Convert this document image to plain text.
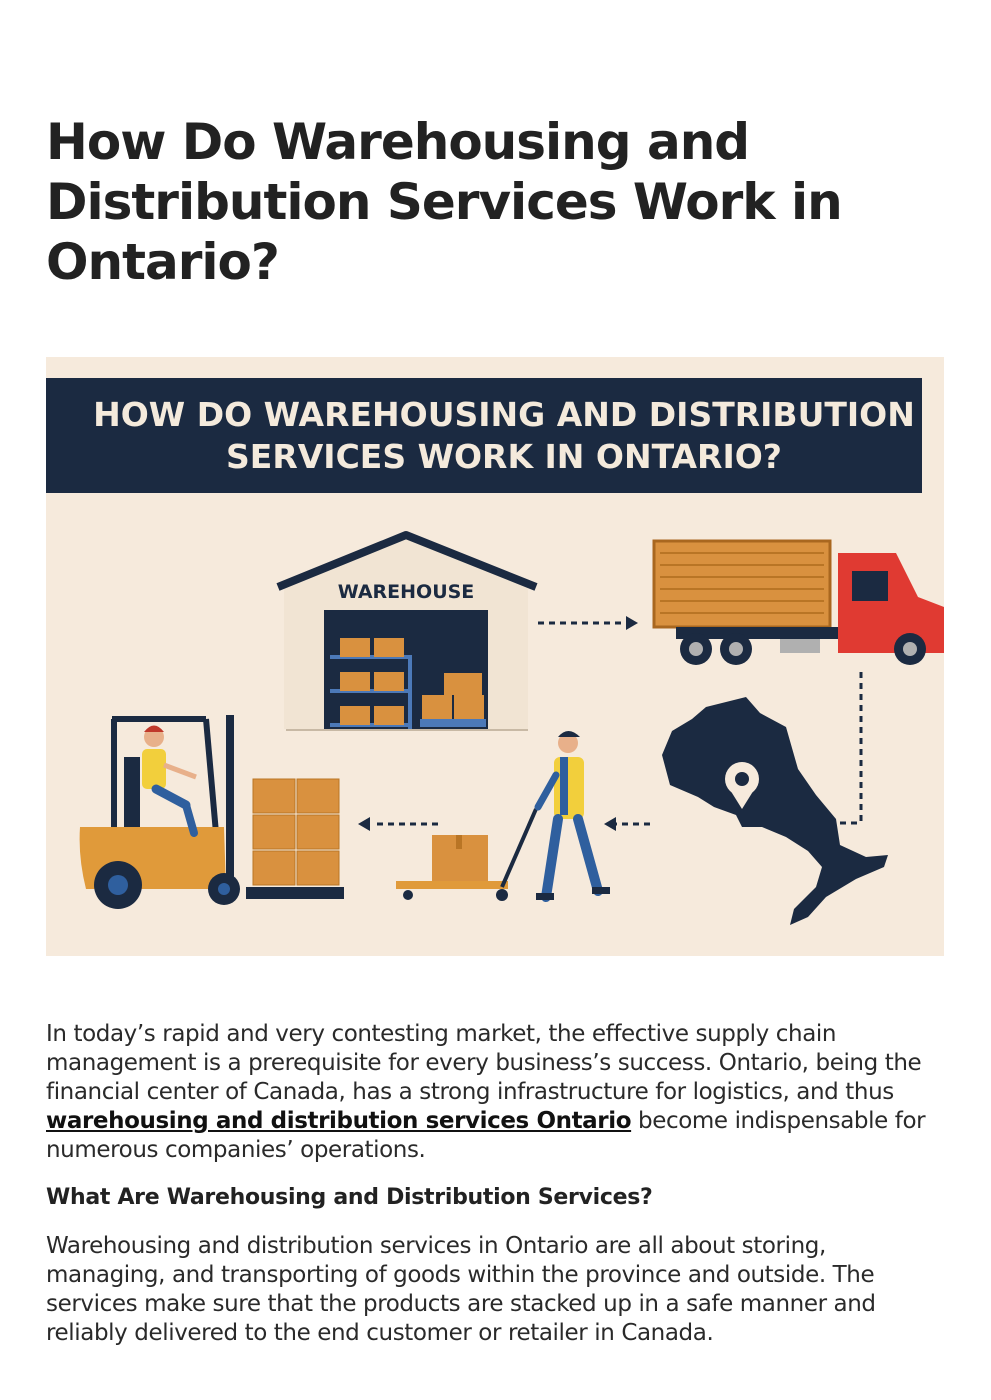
How Do Warehousing and Distribution Services Work in Ontario?
HOW DO WAREHOUSING AND DISTRIBUTION
SERVICES WORK IN ONTARIO?
WAREHOUSE

In today’s rapid and very contesting market, the effective supply chain management is a prerequisite for every business’s success. Ontario, being the financial center of Canada, has a strong infrastructure for logistics, and thus warehousing and distribution services Ontario become indispensable for numerous companies’ operations.

What Are Warehousing and Distribution Services?

Warehousing and distribution services in Ontario are all about storing, managing, and transporting of goods within the province and outside. The services make sure that the products are stacked up in a safe manner and reliably delivered to the end customer or retailer in Canada.
